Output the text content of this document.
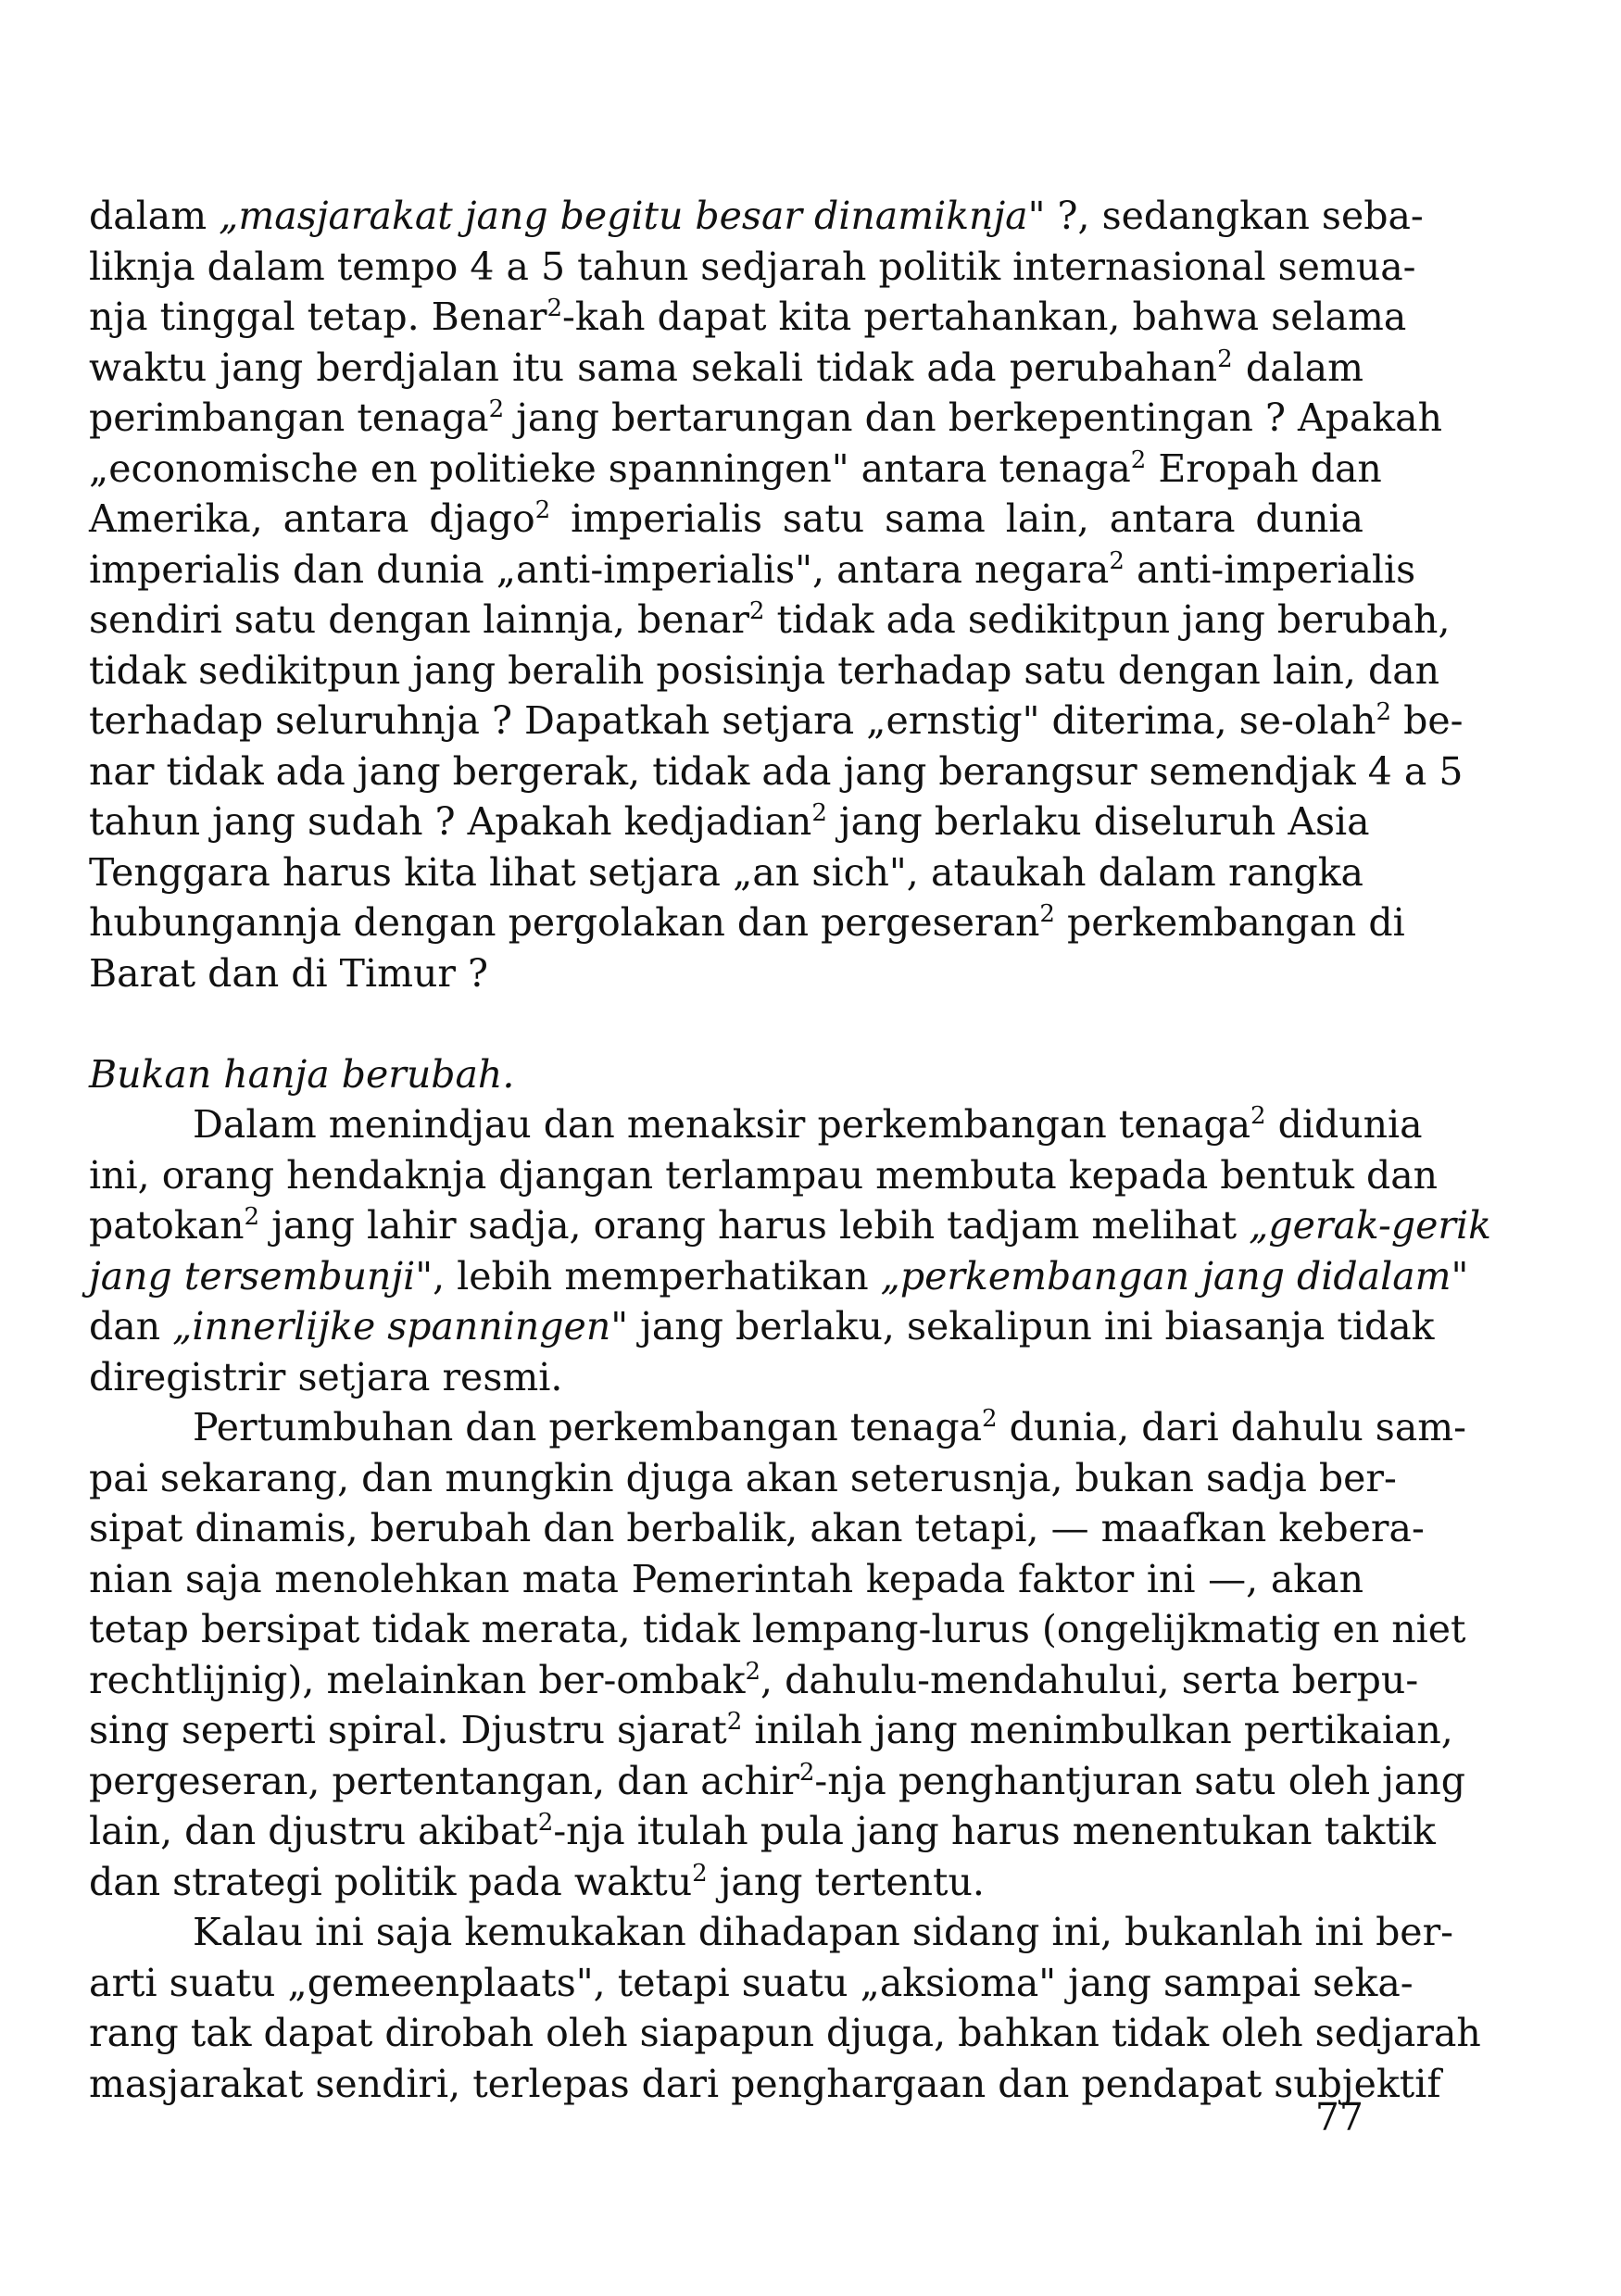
dalam „masjarakat jang begitu besar dinamiknja" ?, sedangkan seba-
liknja dalam tempo 4 a 5 tahun sedjarah politik internasional semua-
nja tinggal tetap. Benar$^2$-kah dapat kita pertahankan, bahwa selama
waktu jang berdjalan itu sama sekali tidak ada perubahan$^2$ dalam
perimbangan tenaga$^2$ jang bertarungan dan berkepentingan ? Apakah
„economische en politieke spanningen" antara tenaga$^2$ Eropah dan
Amerika, antara djago$^2$ imperialis satu sama lain, antara dunia
imperialis dan dunia „anti-imperialis", antara negara$^2$ anti-imperialis
sendiri satu dengan lainnja, benar$^2$ tidak ada sedikitpun jang berubah,
tidak sedikitpun jang beralih posisinja terhadap satu dengan lain, dan
terhadap seluruhnja ? Dapatkah setjara „ernstig" diterima, se-olah$^2$ be-
nar tidak ada jang bergerak, tidak ada jang berangsur semendjak 4 a 5
tahun jang sudah ? Apakah kedjadian$^2$ jang berlaku diseluruh Asia
Tenggara harus kita lihat setjara „an sich", ataukah dalam rangka
hubungannja dengan pergolakan dan pergeseran$^2$ perkembangan di
Barat dan di Timur ?
Bukan hanja berubah.
Dalam menindjau dan menaksir perkembangan tenaga$^2$ didunia
ini, orang hendaknja djangan terlampau membuta kepada bentuk dan
patokan$^2$ jang lahir sadja, orang harus lebih tadjam melihat „gerak-gerik
jang tersembunji", lebih memperhatikan „perkembangan jang didalam"
dan „innerlijke spanningen" jang berlaku, sekalipun ini biasanja tidak
diregistrir setjara resmi.
Pertumbuhan dan perkembangan tenaga$^2$ dunia, dari dahulu sam-
pai sekarang, dan mungkin djuga akan seterusnja, bukan sadja ber-
sipat dinamis, berubah dan berbalik, akan tetapi, — maafkan kebera-
nian saja menolehkan mata Pemerintah kepada faktor ini —, akan
tetap bersipat tidak merata, tidak lempang-lurus (ongelijkmatig en niet
rechtlijnig), melainkan ber-ombak$^2$, dahulu-mendahului, serta berpu-
sing seperti spiral. Djustru sjarat$^2$ inilah jang menimbulkan pertikaian,
pergeseran, pertentangan, dan achir$^2$-nja penghantjuran satu oleh jang
lain, dan djustru akibat$^2$-nja itulah pula jang harus menentukan taktik
dan strategi politik pada waktu$^2$ jang tertentu.
Kalau ini saja kemukakan dihadapan sidang ini, bukanlah ini ber-
arti suatu „gemeenplaats", tetapi suatu „aksioma" jang sampai seka-
rang tak dapat dirobah oleh siapapun djuga, bahkan tidak oleh sedjarah
masjarakat sendiri, terlepas dari penghargaan dan pendapat subjektif
77
